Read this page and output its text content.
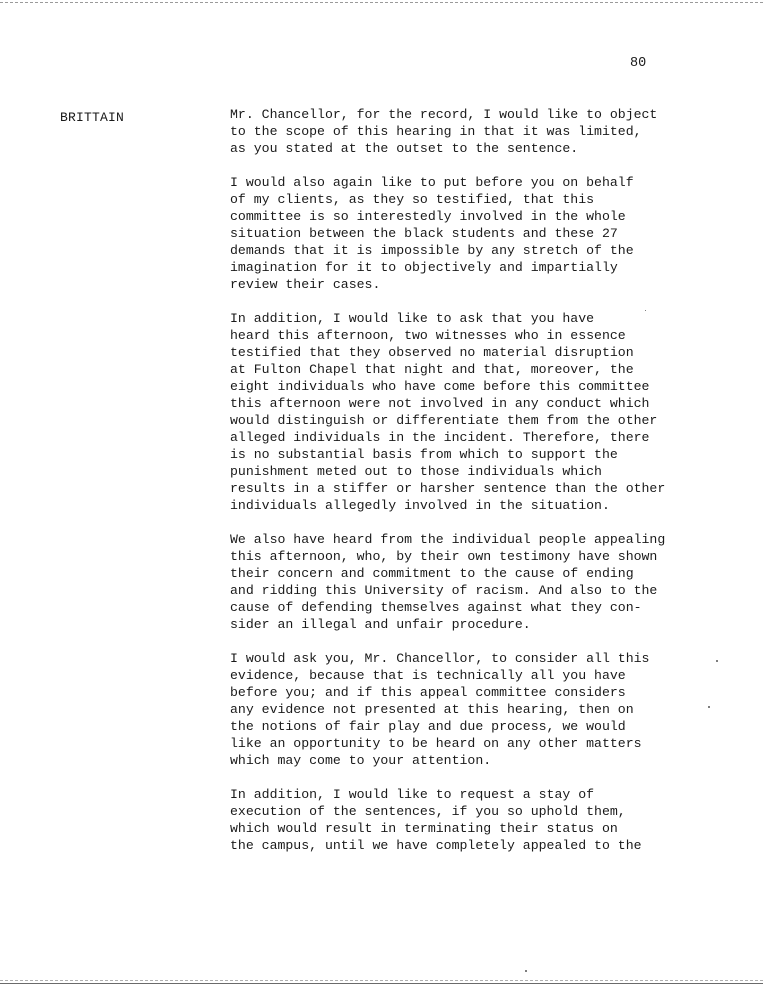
80
BRITTAIN	Mr. Chancellor, for the record, I would like to object
to the scope of this hearing in that it was limited,
as you stated at the outset to the sentence.
I would also again like to put before you on behalf
of my clients, as they so testified, that this
committee is so interestedly involved in the whole
situation between the black students and these 27
demands that it is impossible by any stretch of the
imagination for it to objectively and impartially
review their cases.
In addition, I would like to ask that you have
heard this afternoon, two witnesses who in essence
testified that they observed no material disruption
at Fulton Chapel that night and that, moreover, the
eight individuals who have come before this committee
this afternoon were not involved in any conduct which
would distinguish or differentiate them from the other
alleged individuals in the incident. Therefore, there
is no substantial basis from which to support the
punishment meted out to those individuals which
results in a stiffer or harsher sentence than the other
individuals allegedly involved in the situation.
We also have heard from the individual people appealing
this afternoon, who, by their own testimony have shown
their concern and commitment to the cause of ending
and ridding this University of racism. And also to the
cause of defending themselves against what they con-
sider an illegal and unfair procedure.
I would ask you, Mr. Chancellor, to consider all this
evidence, because that is technically all you have
before you; and if this appeal committee considers
any evidence not presented at this hearing, then on
the notions of fair play and due process, we would
like an opportunity to be heard on any other matters
which may come to your attention.
In addition, I would like to request a stay of
execution of the sentences, if you so uphold them,
which would result in terminating their status on
the campus, until we have completely appealed to the
